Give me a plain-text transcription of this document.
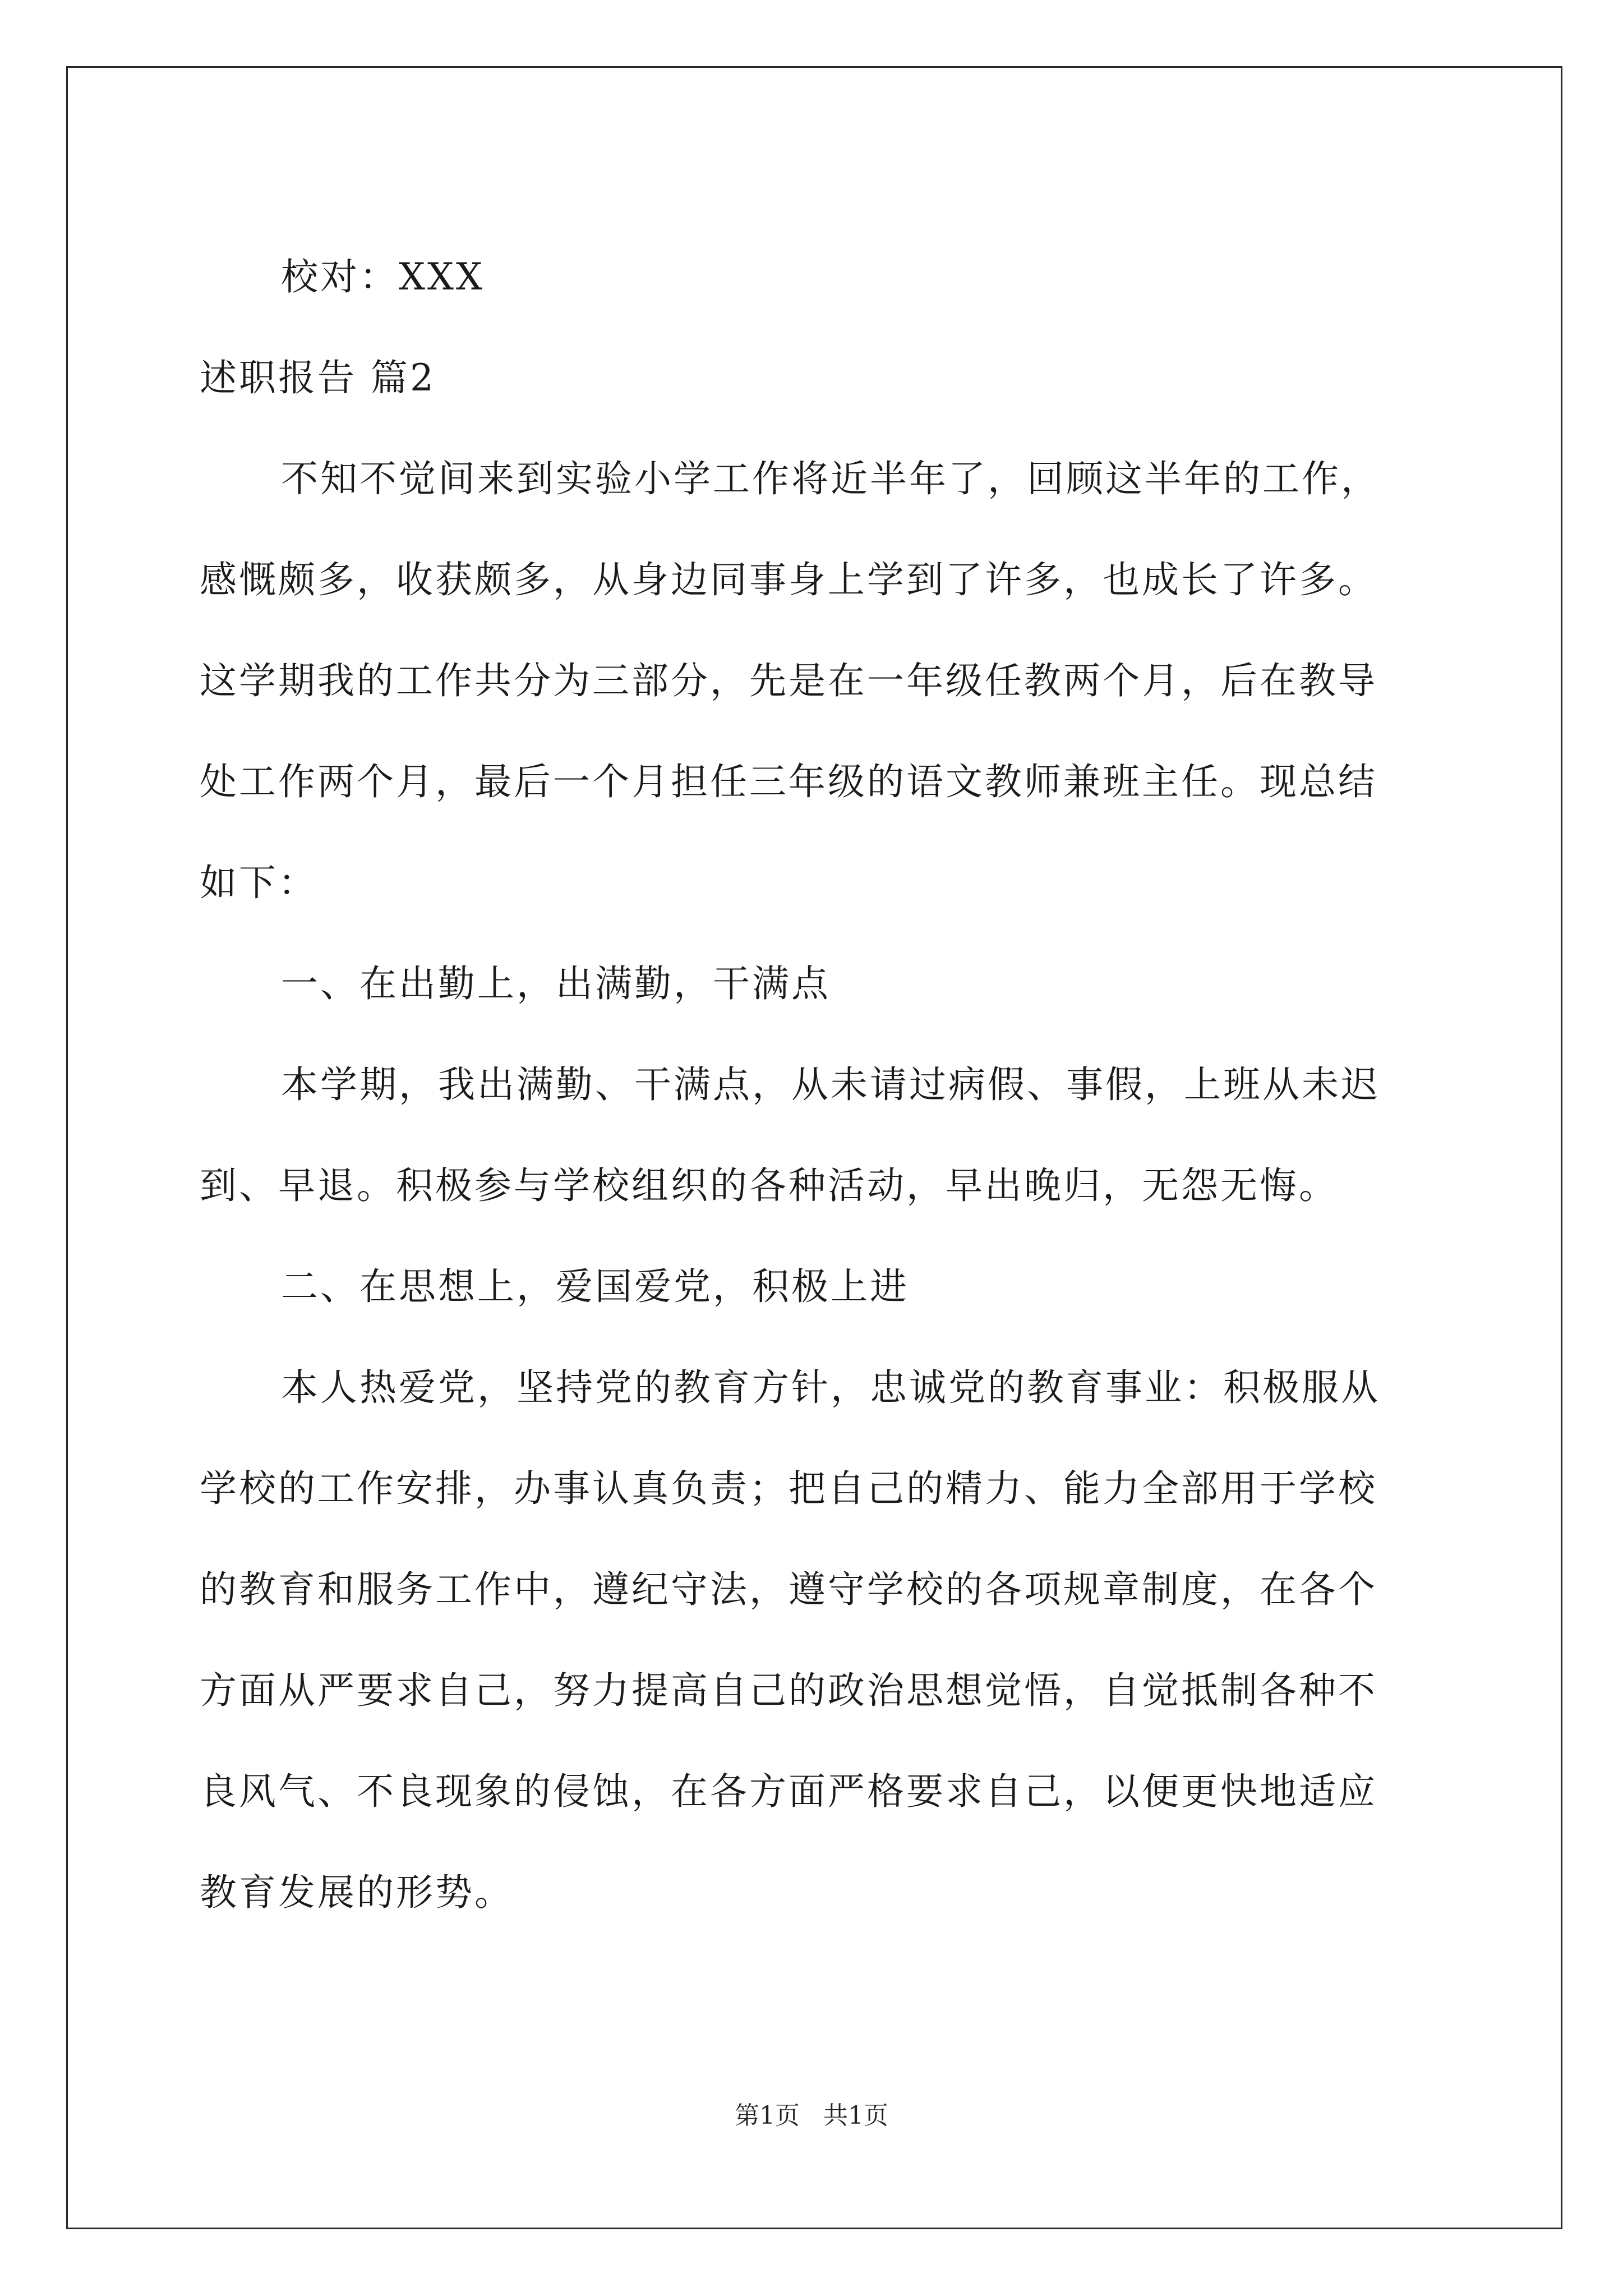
校对：XXX
述职报告 篇2
不知不觉间来到实验小学工作将近半年了，回顾这半年的工作，
感慨颇多，收获颇多，从身边同事身上学到了许多，也成长了许多。
这学期我的工作共分为三部分，先是在一年级任教两个月，后在教导
处工作两个月，最后一个月担任三年级的语文教师兼班主任。现总结
如下：
一、在出勤上，出满勤，干满点
本学期，我出满勤、干满点，从未请过病假、事假，上班从未迟
到、早退。积极参与学校组织的各种活动，早出晚归，无怨无悔。
二、在思想上，爱国爱党，积极上进
本人热爱党，坚持党的教育方针，忠诚党的教育事业：积极服从
学校的工作安排，办事认真负责；把自己的精力、能力全部用于学校
的教育和服务工作中，遵纪守法，遵守学校的各项规章制度，在各个
方面从严要求自己，努力提高自己的政治思想觉悟，自觉抵制各种不
良风气、不良现象的侵蚀，在各方面严格要求自己，以便更快地适应
教育发展的形势。
第1页   共1页
